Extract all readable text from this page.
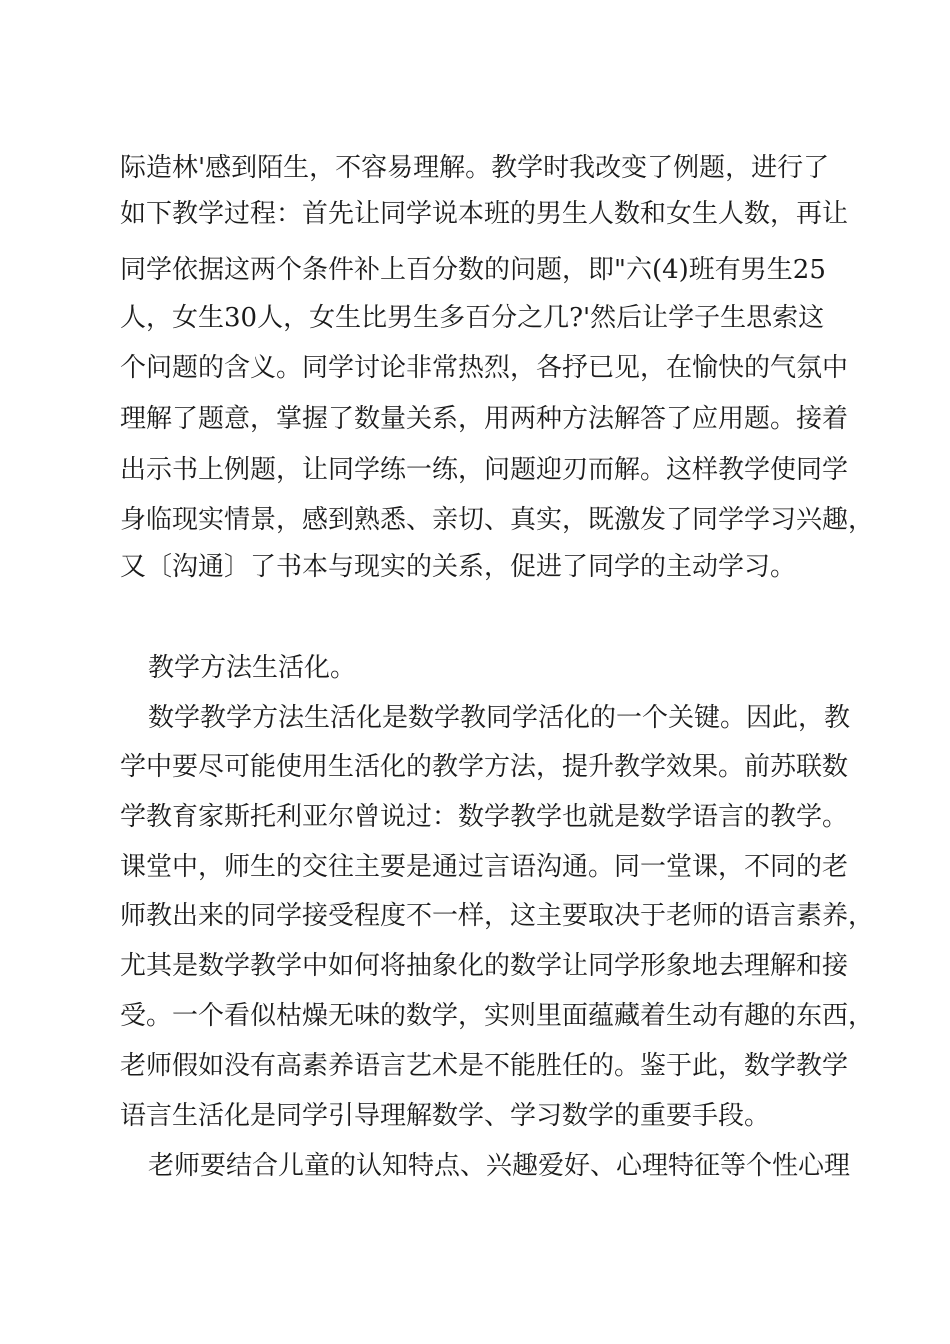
际造林'感到陌生，不容易理解。教学时我改变了例题，进行了
如下教学过程：首先让同学说本班的男生人数和女生人数，再让
同学依据这两个条件补上百分数的问题，即"六(4)班有男生25
人，女生30人，女生比男生多百分之几?'然后让学子生思索这
个问题的含义。同学讨论非常热烈，各抒已见，在愉快的气氛中
理解了题意，掌握了数量关系，用两种方法解答了应用题。接着
出示书上例题，让同学练一练，问题迎刃而解。这样教学使同学
身临现实情景，感到熟悉、亲切、真实，既激发了同学学习兴趣，
又〔沟通〕了书本与现实的关系，促进了同学的主动学习。
教学方法生活化。
数学教学方法生活化是数学教同学活化的一个关键。因此，教
学中要尽可能使用生活化的教学方法，提升教学效果。前苏联数
学教育家斯托利亚尔曾说过：数学教学也就是数学语言的教学。
课堂中，师生的交往主要是通过言语沟通。同一堂课，不同的老
师教出来的同学接受程度不一样，这主要取决于老师的语言素养，
尤其是数学教学中如何将抽象化的数学让同学形象地去理解和接
受。一个看似枯燥无味的数学，实则里面蕴藏着生动有趣的东西，
老师假如没有高素养语言艺术是不能胜任的。鉴于此，数学教学
语言生活化是同学引导理解数学、学习数学的重要手段。
老师要结合儿童的认知特点、兴趣爱好、心理特征等个性心理
